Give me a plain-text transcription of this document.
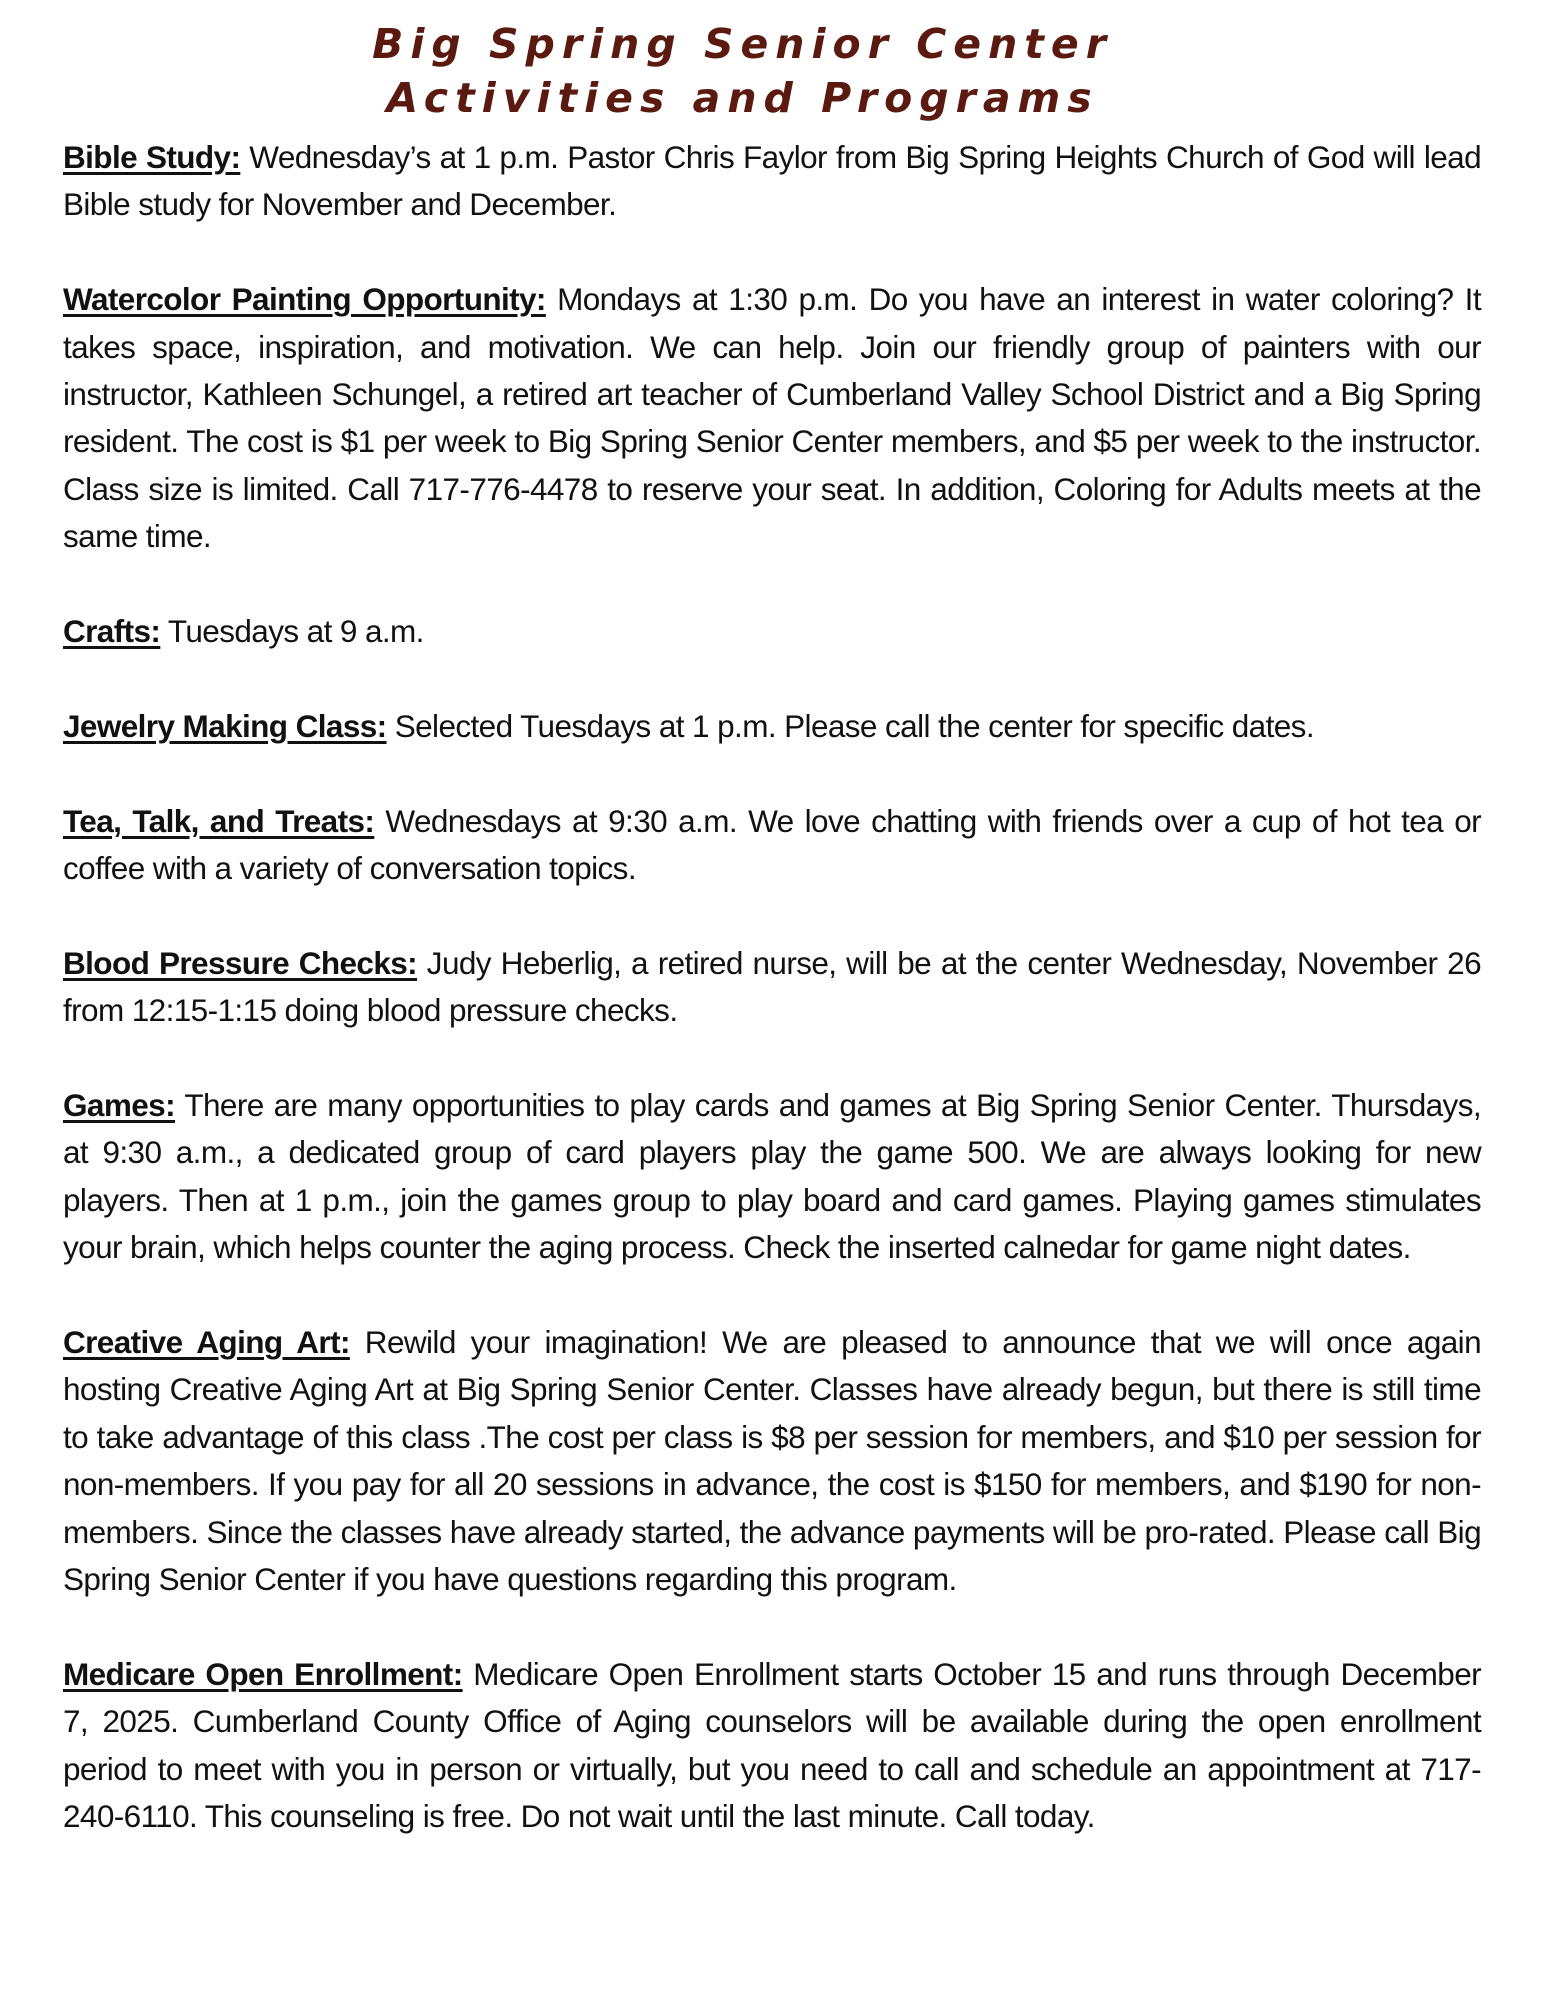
Big Spring Senior Center
Activities and Programs

Bible Study: Wednesday’s at 1 p.m. Pastor Chris Faylor from Big Spring Heights Church of God will lead Bible study for November and December.

Watercolor Painting Opportunity: Mondays at 1:30 p.m. Do you have an interest in water coloring? It takes space, inspiration, and motivation. We can help. Join our friendly group of painters with our instructor, Kathleen Schungel, a retired art teacher of Cumberland Valley School District and a Big Spring resident. The cost is $1 per week to Big Spring Senior Center members, and $5 per week to the instructor. Class size is limited. Call 717-776-4478 to reserve your seat. In addition, Coloring for Adults meets at the same time.

Crafts: Tuesdays at 9 a.m.

Jewelry Making Class: Selected Tuesdays at 1 p.m. Please call the center for specific dates.

Tea, Talk, and Treats: Wednesdays at 9:30 a.m. We love chatting with friends over a cup of hot tea or coffee with a variety of conversation topics.

Blood Pressure Checks: Judy Heberlig, a retired nurse, will be at the center Wednesday, November 26 from 12:15-1:15 doing blood pressure checks.

Games: There are many opportunities to play cards and games at Big Spring Senior Center. Thursdays, at 9:30 a.m., a dedicated group of card players play the game 500. We are always looking for new players. Then at 1 p.m., join the games group to play board and card games. Playing games stimulates your brain, which helps counter the aging process. Check the inserted calnedar for game night dates.

Creative Aging Art: Rewild your imagination! We are pleased to announce that we will once again hosting Creative Aging Art at Big Spring Senior Center. Classes have already begun, but there is still time to take advantage of this class .The cost per class is $8 per session for members, and $10 per session for non-members. If you pay for all 20 sessions in advance, the cost is $150 for members, and $190 for non-members. Since the classes have already started, the advance payments will be pro-rated. Please call Big Spring Senior Center if you have questions regarding this program.

Medicare Open Enrollment: Medicare Open Enrollment starts October 15 and runs through December 7, 2025. Cumberland County Office of Aging counselors will be available during the open enrollment period to meet with you in person or virtually, but you need to call and schedule an appointment at 717-240-6110. This counseling is free. Do not wait until the last minute. Call today.
